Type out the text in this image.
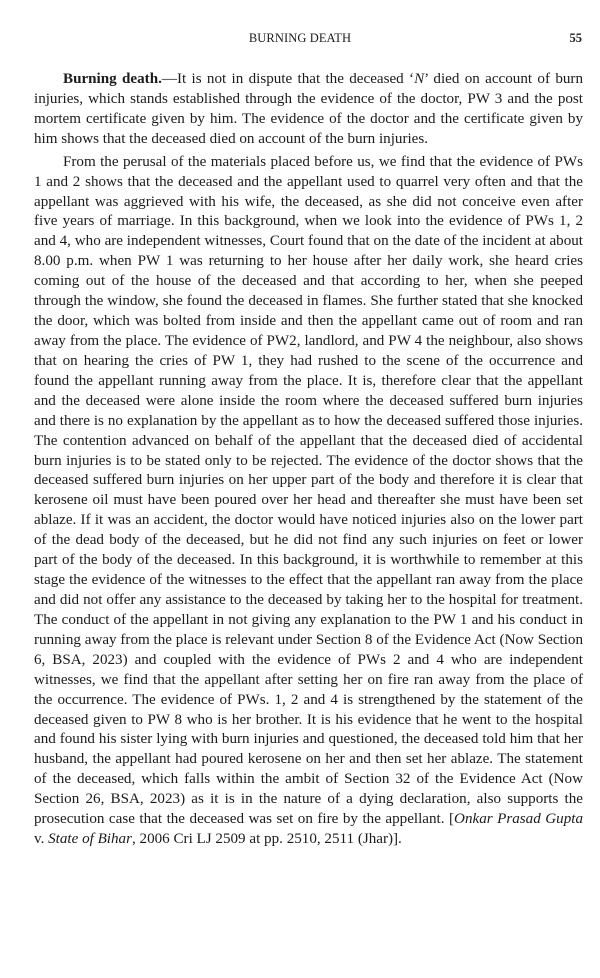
BURNING DEATH	55

Burning death.—It is not in dispute that the deceased ‘N’ died on account of burn injuries, which stands established through the evidence of the doctor, PW 3 and the post mortem certificate given by him. The evidence of the doctor and the certificate given by him shows that the deceased died on account of the burn injuries.

From the perusal of the materials placed before us, we find that the evidence of PWs 1 and 2 shows that the deceased and the appellant used to quarrel very often and that the appellant was aggrieved with his wife, the deceased, as she did not conceive even after five years of marriage. In this background, when we look into the evidence of PWs 1, 2 and 4, who are independent witnesses, Court found that on the date of the incident at about 8.00 p.m. when PW 1 was returning to her house after her daily work, she heard cries coming out of the house of the deceased and that according to her, when she peeped through the window, she found the deceased in flames. She further stated that she knocked the door, which was bolted from inside and then the appellant came out of room and ran away from the place. The evidence of PW2, landlord, and PW 4 the neighbour, also shows that on hearing the cries of PW 1, they had rushed to the scene of the occurrence and found the appellant running away from the place. It is, therefore clear that the appellant and the deceased were alone inside the room where the deceased suffered burn injuries and there is no explanation by the appellant as to how the deceased suffered those injuries. The contention advanced on behalf of the appellant that the deceased died of accidental burn injuries is to be stated only to be rejected. The evidence of the doctor shows that the deceased suffered burn injuries on her upper part of the body and therefore it is clear that kerosene oil must have been poured over her head and thereafter she must have been set ablaze. If it was an accident, the doctor would have noticed injuries also on the lower part of the dead body of the deceased, but he did not find any such injuries on feet or lower part of the body of the deceased. In this background, it is worthwhile to remember at this stage the evidence of the witnesses to the effect that the appellant ran away from the place and did not offer any assistance to the deceased by taking her to the hospital for treatment. The conduct of the appellant in not giving any explanation to the PW 1 and his conduct in running away from the place is relevant under Section 8 of the Evidence Act (Now Section 6, BSA, 2023) and coupled with the evidence of PWs 2 and 4 who are independent witnesses, we find that the appellant after setting her on fire ran away from the place of the occurrence. The evidence of PWs. 1, 2 and 4 is strengthened by the statement of the deceased given to PW 8 who is her brother. It is his evidence that he went to the hospital and found his sister lying with burn injuries and questioned, the deceased told him that her husband, the appellant had poured kerosene on her and then set her ablaze. The statement of the deceased, which falls within the ambit of Section 32 of the Evidence Act (Now Section 26, BSA, 2023) as it is in the nature of a dying declaration, also supports the prosecution case that the deceased was set on fire by the appellant. [Onkar Prasad Gupta v. State of Bihar, 2006 Cri LJ 2509 at pp. 2510, 2511 (Jhar)].
